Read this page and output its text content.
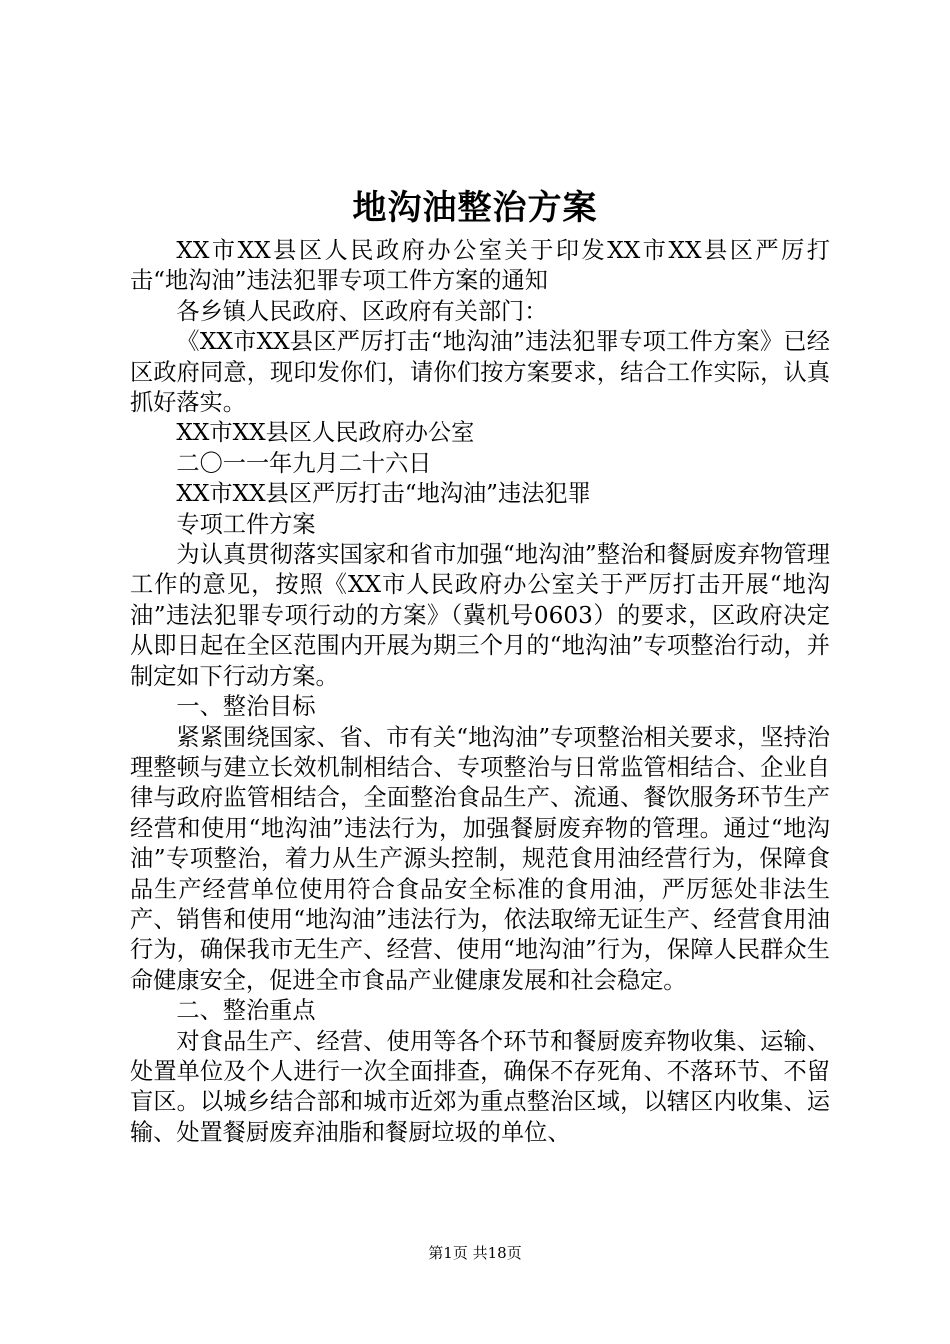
地沟油整治方案

XX市XX县区人民政府办公室关于印发XX市XX县区严厉打击“地沟油”违法犯罪专项工件方案的通知

各乡镇人民政府、区政府有关部门：

《XX市XX县区严厉打击“地沟油”违法犯罪专项工件方案》已经区政府同意，现印发你们，请你们按方案要求，结合工作实际，认真抓好落实。

XX市XX县区人民政府办公室

二〇一一年九月二十六日

XX市XX县区严厉打击“地沟油”违法犯罪

专项工件方案

为认真贯彻落实国家和省市加强“地沟油”整治和餐厨废弃物管理工作的意见，按照《XX市人民政府办公室关于严厉打击开展“地沟油”违法犯罪专项行动的方案》（冀机号0603）的要求，区政府决定从即日起在全区范围内开展为期三个月的“地沟油”专项整治行动，并制定如下行动方案。

一、整治目标

紧紧围绕国家、省、市有关“地沟油”专项整治相关要求，坚持治理整顿与建立长效机制相结合、专项整治与日常监管相结合、企业自律与政府监管相结合，全面整治食品生产、流通、餐饮服务环节生产经营和使用“地沟油”违法行为，加强餐厨废弃物的管理。通过“地沟油”专项整治，着力从生产源头控制，规范食用油经营行为，保障食品生产经营单位使用符合食品安全标准的食用油，严厉惩处非法生产、销售和使用“地沟油”违法行为，依法取缔无证生产、经营食用油行为，确保我市无生产、经营、使用“地沟油”行为，保障人民群众生命健康安全，促进全市食品产业健康发展和社会稳定。

二、整治重点

对食品生产、经营、使用等各个环节和餐厨废弃物收集、运输、处置单位及个人进行一次全面排查，确保不存死角、不落环节、不留盲区。以城乡结合部和城市近郊为重点整治区域，以辖区内收集、运输、处置餐厨废弃油脂和餐厨垃圾的单位、

第1页 共18页
